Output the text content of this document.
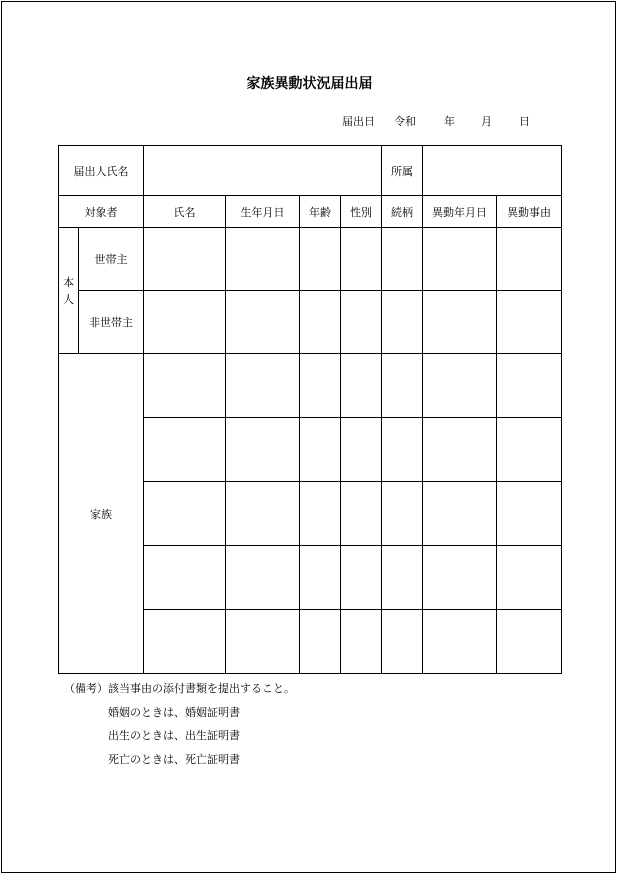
家族異動状況届出届
届出日 令和	年 月 日
届出人氏名						所属		
対象者		氏名	生年月日	年齢	性別	続柄	異動年月日	異動事由

本人	世帯主							
	非世帯主							
家族								

（備考）該当事由の添付書類を提出すること。
婚姻のときは、婚姻証明書
出生のときは、出生証明書
死亡のときは、死亡証明書
